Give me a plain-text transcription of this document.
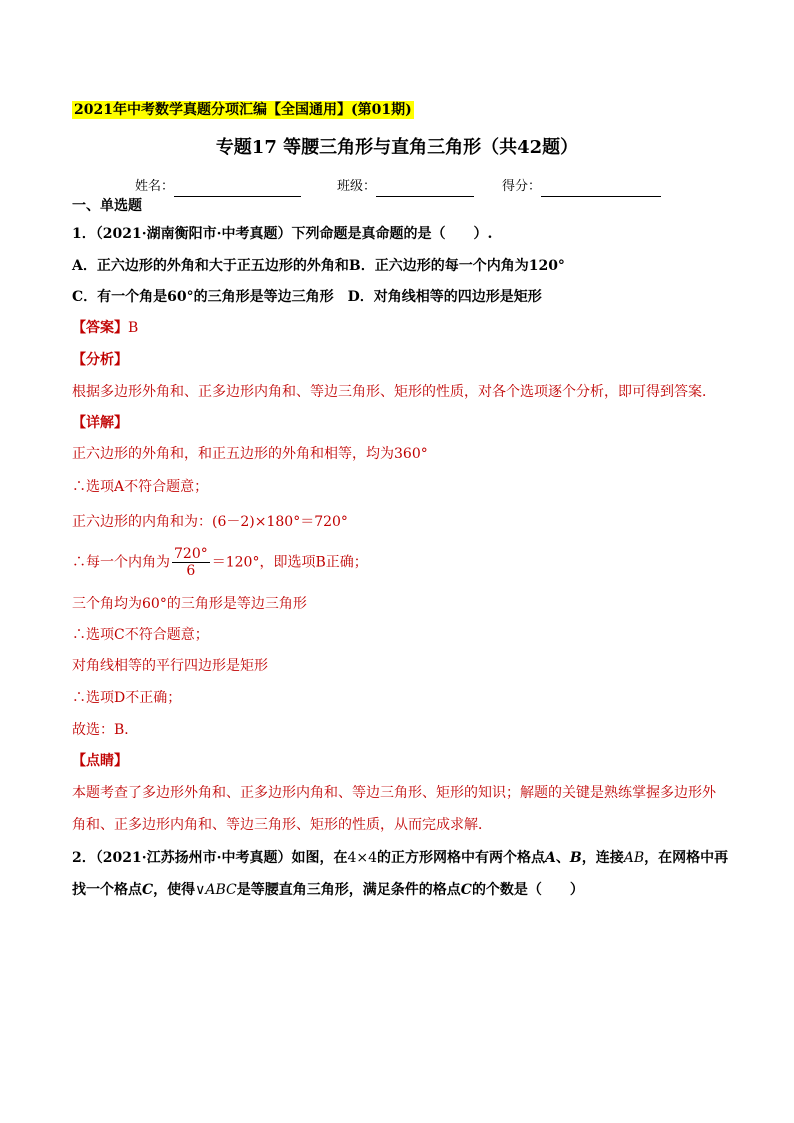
2021年中考数学真题分项汇编【全国通用】(第01期)
专题17 等腰三角形与直角三角形（共42题）
姓名：	班级：	得分：
一、单选题
1．（2021·湖南衡阳市·中考真题）下列命题是真命题的是（　　）.
A．正六边形的外角和大于正五边形的外角和B．正六边形的每一个内角为120°
C．有一个角是60°的三角形是等边三角形 D．对角线相等的四边形是矩形
【答案】B
【分析】
根据多边形外角和、正多边形内角和、等边三角形、矩形的性质，对各个选项逐个分析，即可得到答案．
【详解】
正六边形的外角和，和正五边形的外角和相等，均为360°
∴选项A不符合题意；
正六边形的内角和为：(6－2)×180°＝720°
∴每一个内角为 $\frac{720^\circ}{6} =120^\circ$，即选项B正确；
三个角均为60°的三角形是等边三角形
∴选项C不符合题意；
对角线相等的平行四边形是矩形
∴选项D不正确；
故选：B．
【点睛】
本题考查了多边形外角和、正多边形内角和、等边三角形、矩形的知识；解题的关键是熟练掌握多边形外
角和、正多边形内角和、等边三角形、矩形的性质，从而完成求解．
2．（2021·江苏扬州市·中考真题）如图，在4×4的正方形网格中有两个格点A、B，连接AB，在网格中再
找一个格点C，使得∨ABC是等腰直角三角形，满足条件的格点C的个数是（　　）
